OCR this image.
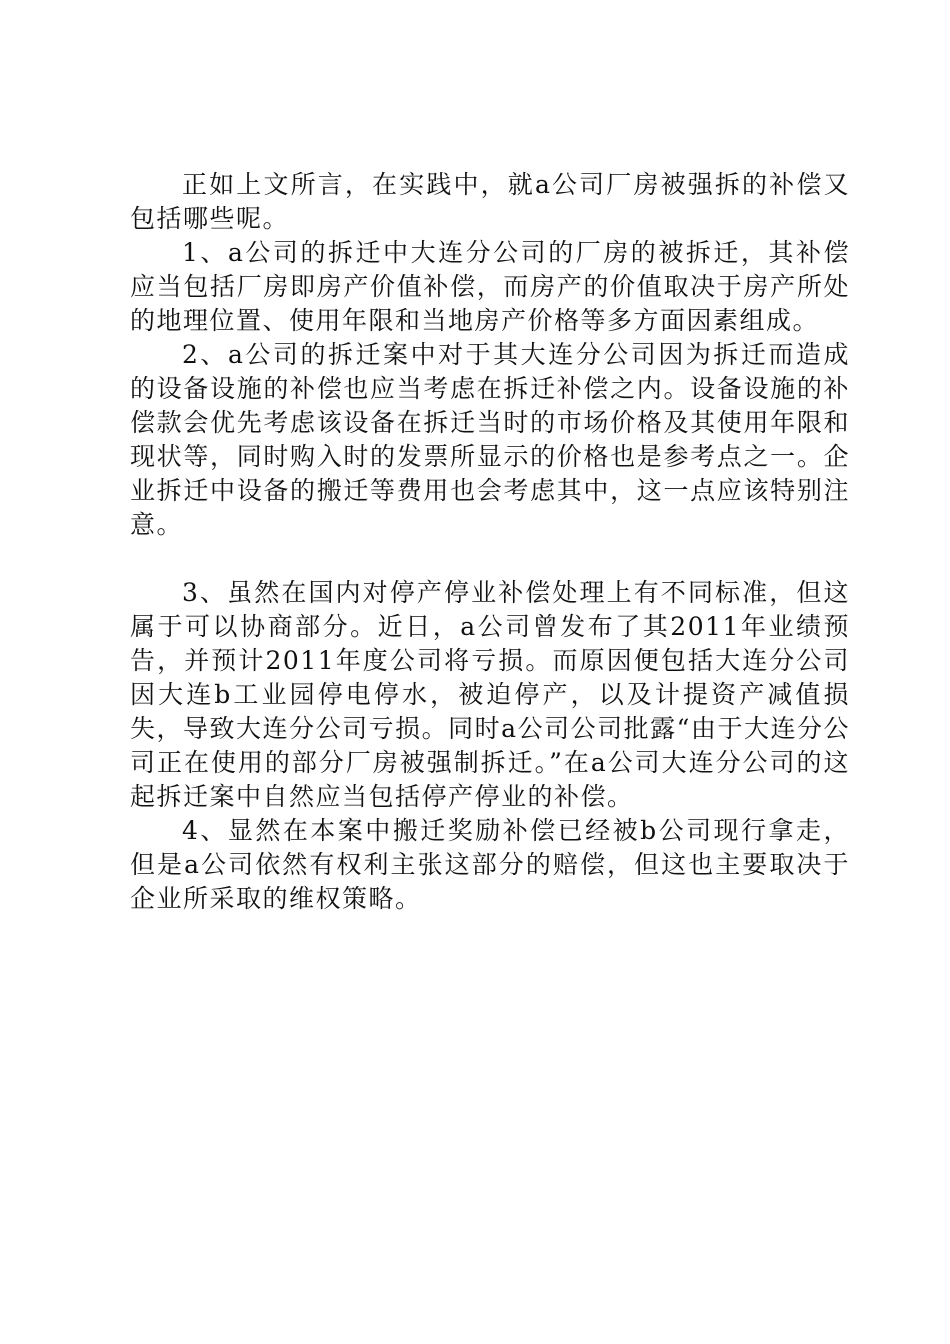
正如上文所言，在实践中，就a公司厂房被强拆的补偿又包括哪些呢。

1、a公司的拆迁中大连分公司的厂房的被拆迁，其补偿应当包括厂房即房产价值补偿，而房产的价值取决于房产所处的地理位置、使用年限和当地房产价格等多方面因素组成。

2、a公司的拆迁案中对于其大连分公司因为拆迁而造成的设备设施的补偿也应当考虑在拆迁补偿之内。设备设施的补偿款会优先考虑该设备在拆迁当时的市场价格及其使用年限和现状等，同时购入时的发票所显示的价格也是参考点之一。企业拆迁中设备的搬迁等费用也会考虑其中，这一点应该特别注意。

3、虽然在国内对停产停业补偿处理上有不同标准，但这属于可以协商部分。近日，a公司曾发布了其2011年业绩预告，并预计2011年度公司将亏损。而原因便包括大连分公司因大连b工业园停电停水，被迫停产，以及计提资产减值损失，导致大连分公司亏损。同时a公司公司批露“由于大连分公司正在使用的部分厂房被强制拆迁。”在a公司大连分公司的这起拆迁案中自然应当包括停产停业的补偿。

4、显然在本案中搬迁奖励补偿已经被b公司现行拿走，但是a公司依然有权利主张这部分的赔偿，但这也主要取决于企业所采取的维权策略。
